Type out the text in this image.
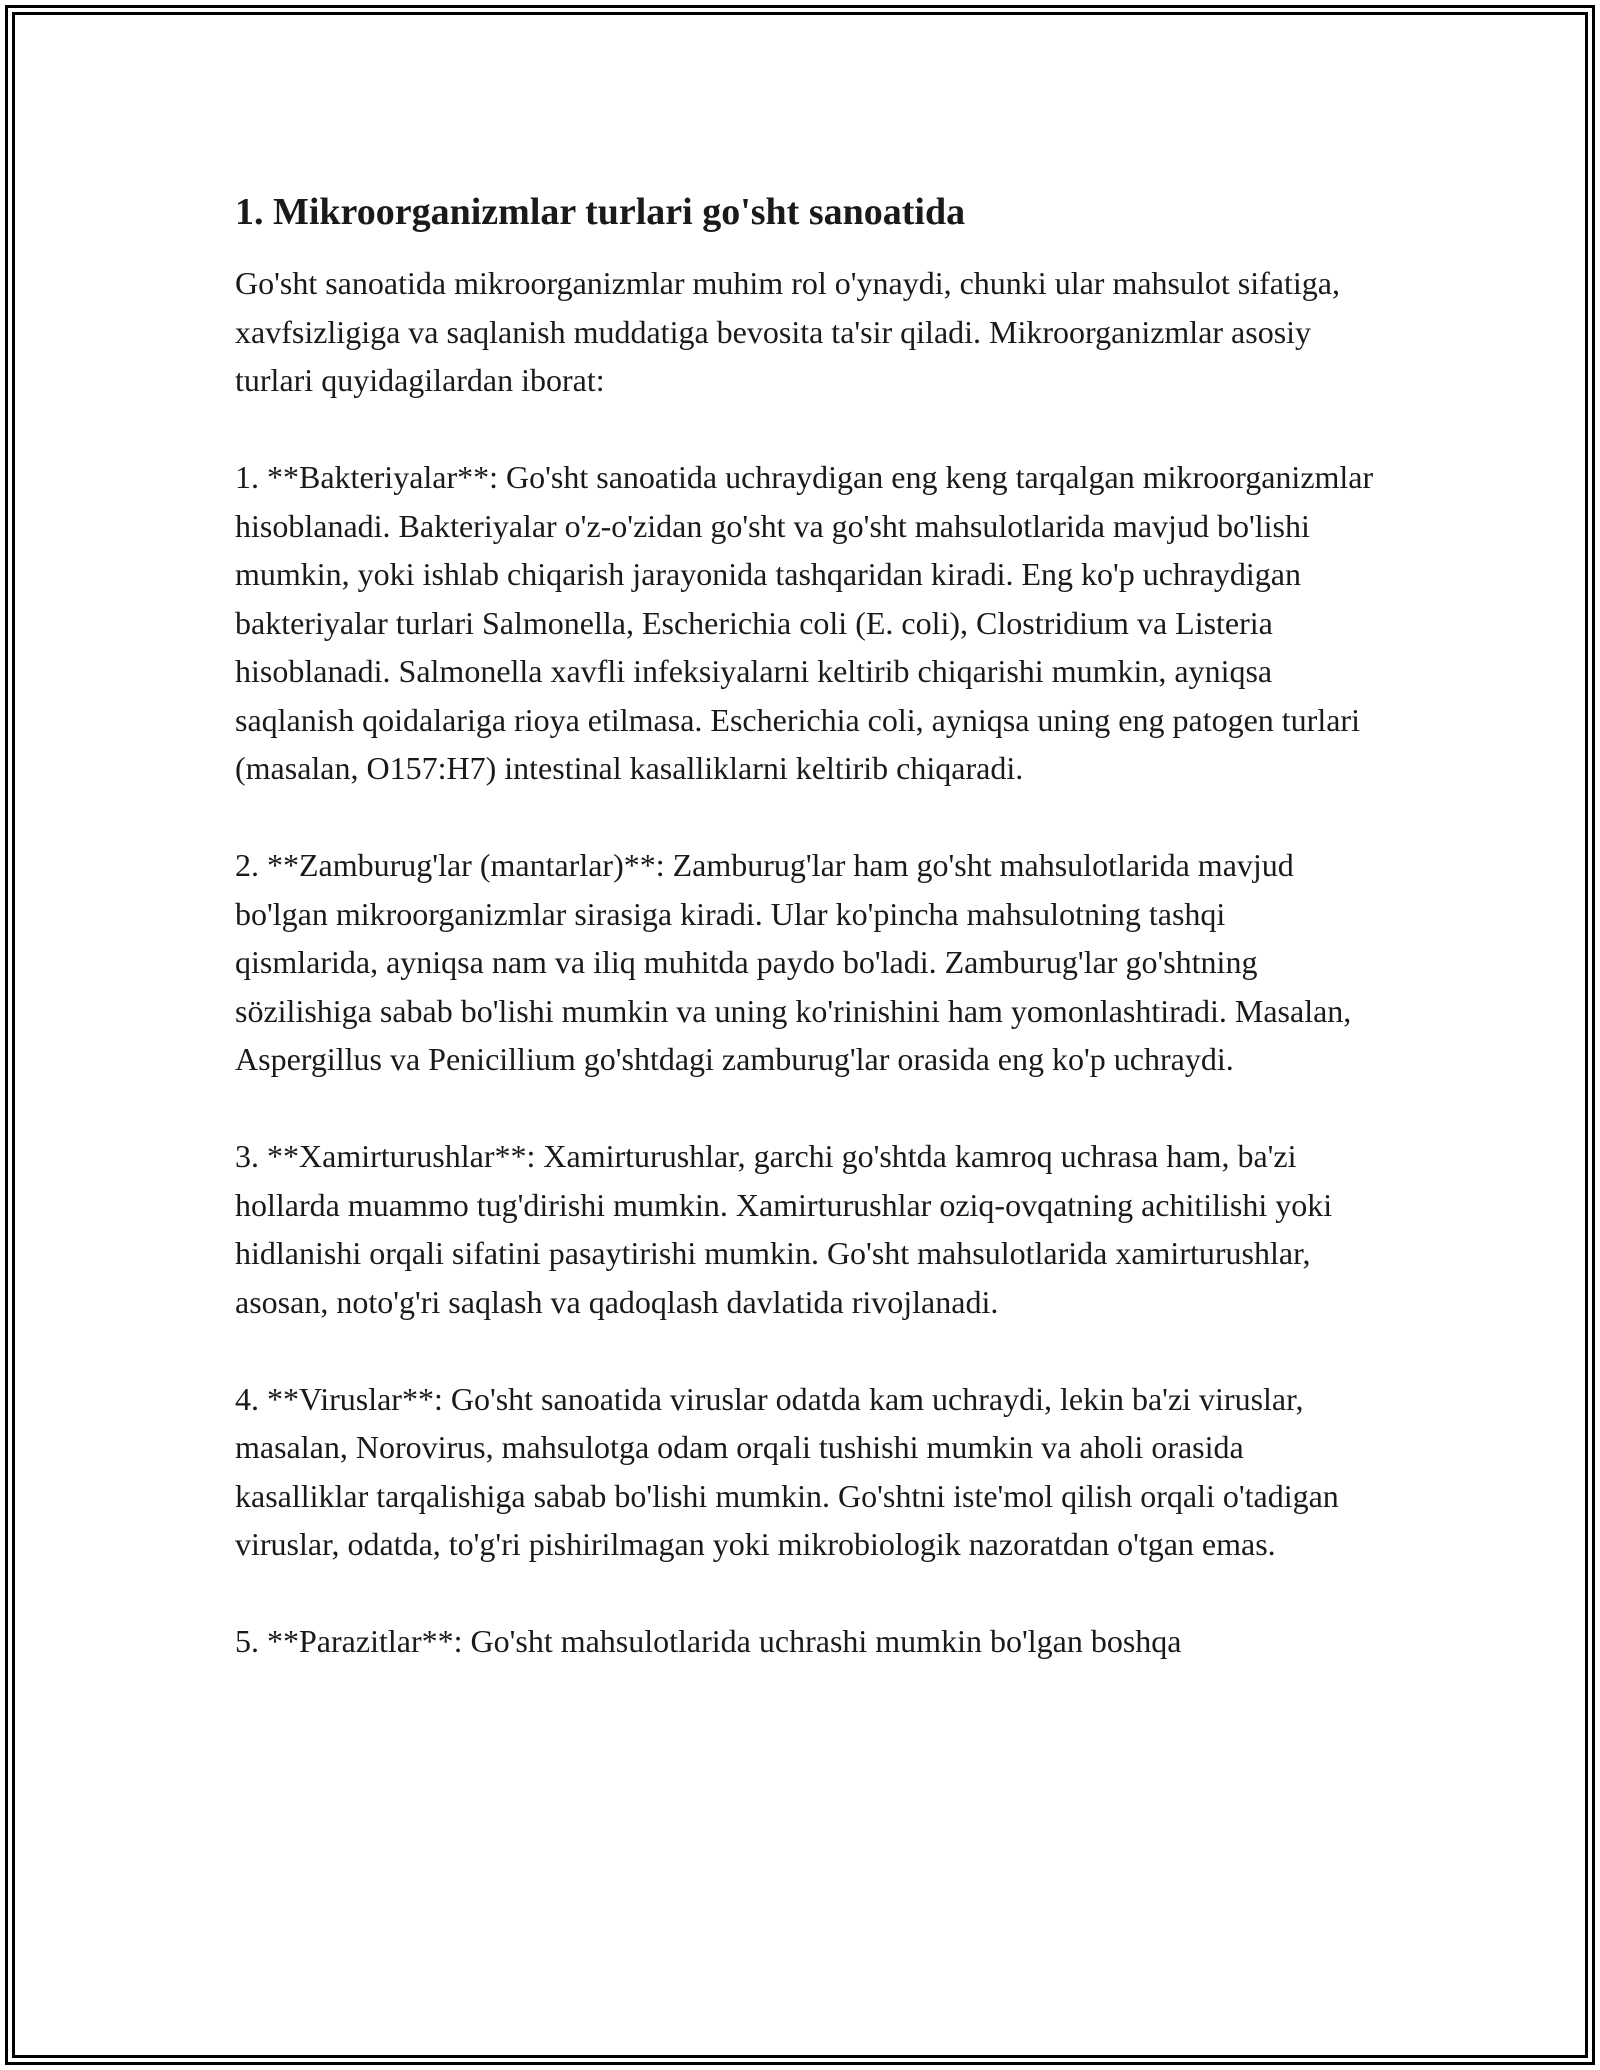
1. Mikroorganizmlar turlari go'sht sanoatida

Go'sht sanoatida mikroorganizmlar muhim rol o'ynaydi, chunki ular mahsulot sifatiga, xavfsizligiga va saqlanish muddatiga bevosita ta'sir qiladi. Mikroorganizmlar asosiy turlari quyidagilardan iborat:

1. **Bakteriyalar**: Go'sht sanoatida uchraydigan eng keng tarqalgan mikroorganizmlar hisoblanadi. Bakteriyalar o'z-o'zidan go'sht va go'sht mahsulotlarida mavjud bo'lishi mumkin, yoki ishlab chiqarish jarayonida tashqaridan kiradi. Eng ko'p uchraydigan bakteriyalar turlari Salmonella, Escherichia coli (E. coli), Clostridium va Listeria hisoblanadi. Salmonella xavfli infeksiyalarni keltirib chiqarishi mumkin, ayniqsa saqlanish qoidalariga rioya etilmasa. Escherichia coli, ayniqsa uning eng patogen turlari (masalan, O157:H7) intestinal kasalliklarni keltirib chiqaradi.

2. **Zamburug'lar (mantarlar)**: Zamburug'lar ham go'sht mahsulotlarida mavjud bo'lgan mikroorganizmlar sirasiga kiradi. Ular ko'pincha mahsulotning tashqi qismlarida, ayniqsa nam va iliq muhitda paydo bo'ladi. Zamburug'lar go'shtning sözilishiga sabab bo'lishi mumkin va uning ko'rinishini ham yomonlashtiradi. Masalan, Aspergillus va Penicillium go'shtdagi zamburug'lar orasida eng ko'p uchraydi.

3. **Xamirturushlar**: Xamirturushlar, garchi go'shtda kamroq uchrasa ham, ba'zi hollarda muammo tug'dirishi mumkin. Xamirturushlar oziq-ovqatning achitilishi yoki hidlanishi orqali sifatini pasaytirishi mumkin. Go'sht mahsulotlarida xamirturushlar, asosan, noto'g'ri saqlash va qadoqlash davlatida rivojlanadi.

4. **Viruslar**: Go'sht sanoatida viruslar odatda kam uchraydi, lekin ba'zi viruslar, masalan, Norovirus, mahsulotga odam orqali tushishi mumkin va aholi orasida kasalliklar tarqalishiga sabab bo'lishi mumkin. Go'shtni iste'mol qilish orqali o'tadigan viruslar, odatda, to'g'ri pishirilmagan yoki mikrobiologik nazoratdan o'tgan emas.

5. **Parazitlar**: Go'sht mahsulotlarida uchrashi mumkin bo'lgan boshqa
